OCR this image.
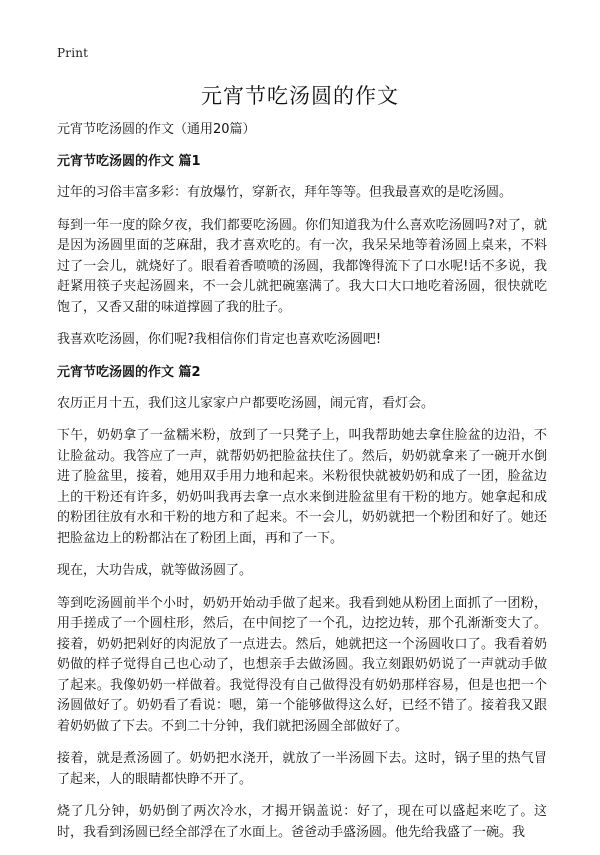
Print
元宵节吃汤圆的作文

元宵节吃汤圆的作文（通用20篇）

元宵节吃汤圆的作文 篇1

过年的习俗丰富多彩：有放爆竹，穿新衣，拜年等等。但我最喜欢的是吃汤圆。

每到一年一度的除夕夜，我们都要吃汤圆。你们知道我为什么喜欢吃汤圆吗?对了，就是因为汤圆里面的芝麻甜，我才喜欢吃的。有一次，我呆呆地等着汤圆上桌来，不料过了一会儿，就烧好了。眼看着香喷喷的汤圆，我都馋得流下了口水呢!话不多说，我赶紧用筷子夹起汤圆来，不一会儿就把碗塞满了。我大口大口地吃着汤圆，很快就吃饱了，又香又甜的味道撑圆了我的肚子。

我喜欢吃汤圆，你们呢?我相信你们肯定也喜欢吃汤圆吧!

元宵节吃汤圆的作文 篇2

农历正月十五，我们这儿家家户户都要吃汤圆，闹元宵，看灯会。

下午，奶奶拿了一盆糯米粉，放到了一只凳子上，叫我帮助她去拿住脸盆的边沿，不让脸盆动。我答应了一声，就帮奶奶把脸盆扶住了。然后，奶奶就拿来了一碗开水倒进了脸盆里，接着，她用双手用力地和起来。米粉很快就被奶奶和成了一团，脸盆边上的干粉还有许多，奶奶叫我再去拿一点水来倒进脸盆里有干粉的地方。她拿起和成的粉团往放有水和干粉的地方和了起来。不一会儿，奶奶就把一个粉团和好了。她还把脸盆边上的粉都沾在了粉团上面，再和了一下。

现在，大功告成，就等做汤圆了。

等到吃汤圆前半个小时，奶奶开始动手做了起来。我看到她从粉团上面抓了一团粉，用手搓成了一个圆柱形，然后，在中间挖了一个孔，边挖边转，那个孔渐渐变大了。接着，奶奶把剁好的肉泥放了一点进去。然后，她就把这一个汤圆收口了。我看着奶奶做的样子觉得自己也心动了，也想亲手去做汤圆。我立刻跟奶奶说了一声就动手做了起来。我像奶奶一样做着。我觉得没有自己做得没有奶奶那样容易，但是也把一个汤圆做好了。奶奶看了看说：嗯，第一个能够做得这么好，已经不错了。接着我又跟着奶奶做了下去。不到二十分钟，我们就把汤圆全部做好了。

接着，就是煮汤圆了。奶奶把水浇开，就放了一半汤圆下去。这时，锅子里的热气冒了起来，人的眼睛都快睁不开了。

烧了几分钟，奶奶倒了两次冷水，才揭开锅盖说：好了，现在可以盛起来吃了。这时，我看到汤圆已经全部浮在了水面上。爸爸动手盛汤圆。他先给我盛了一碗。我
